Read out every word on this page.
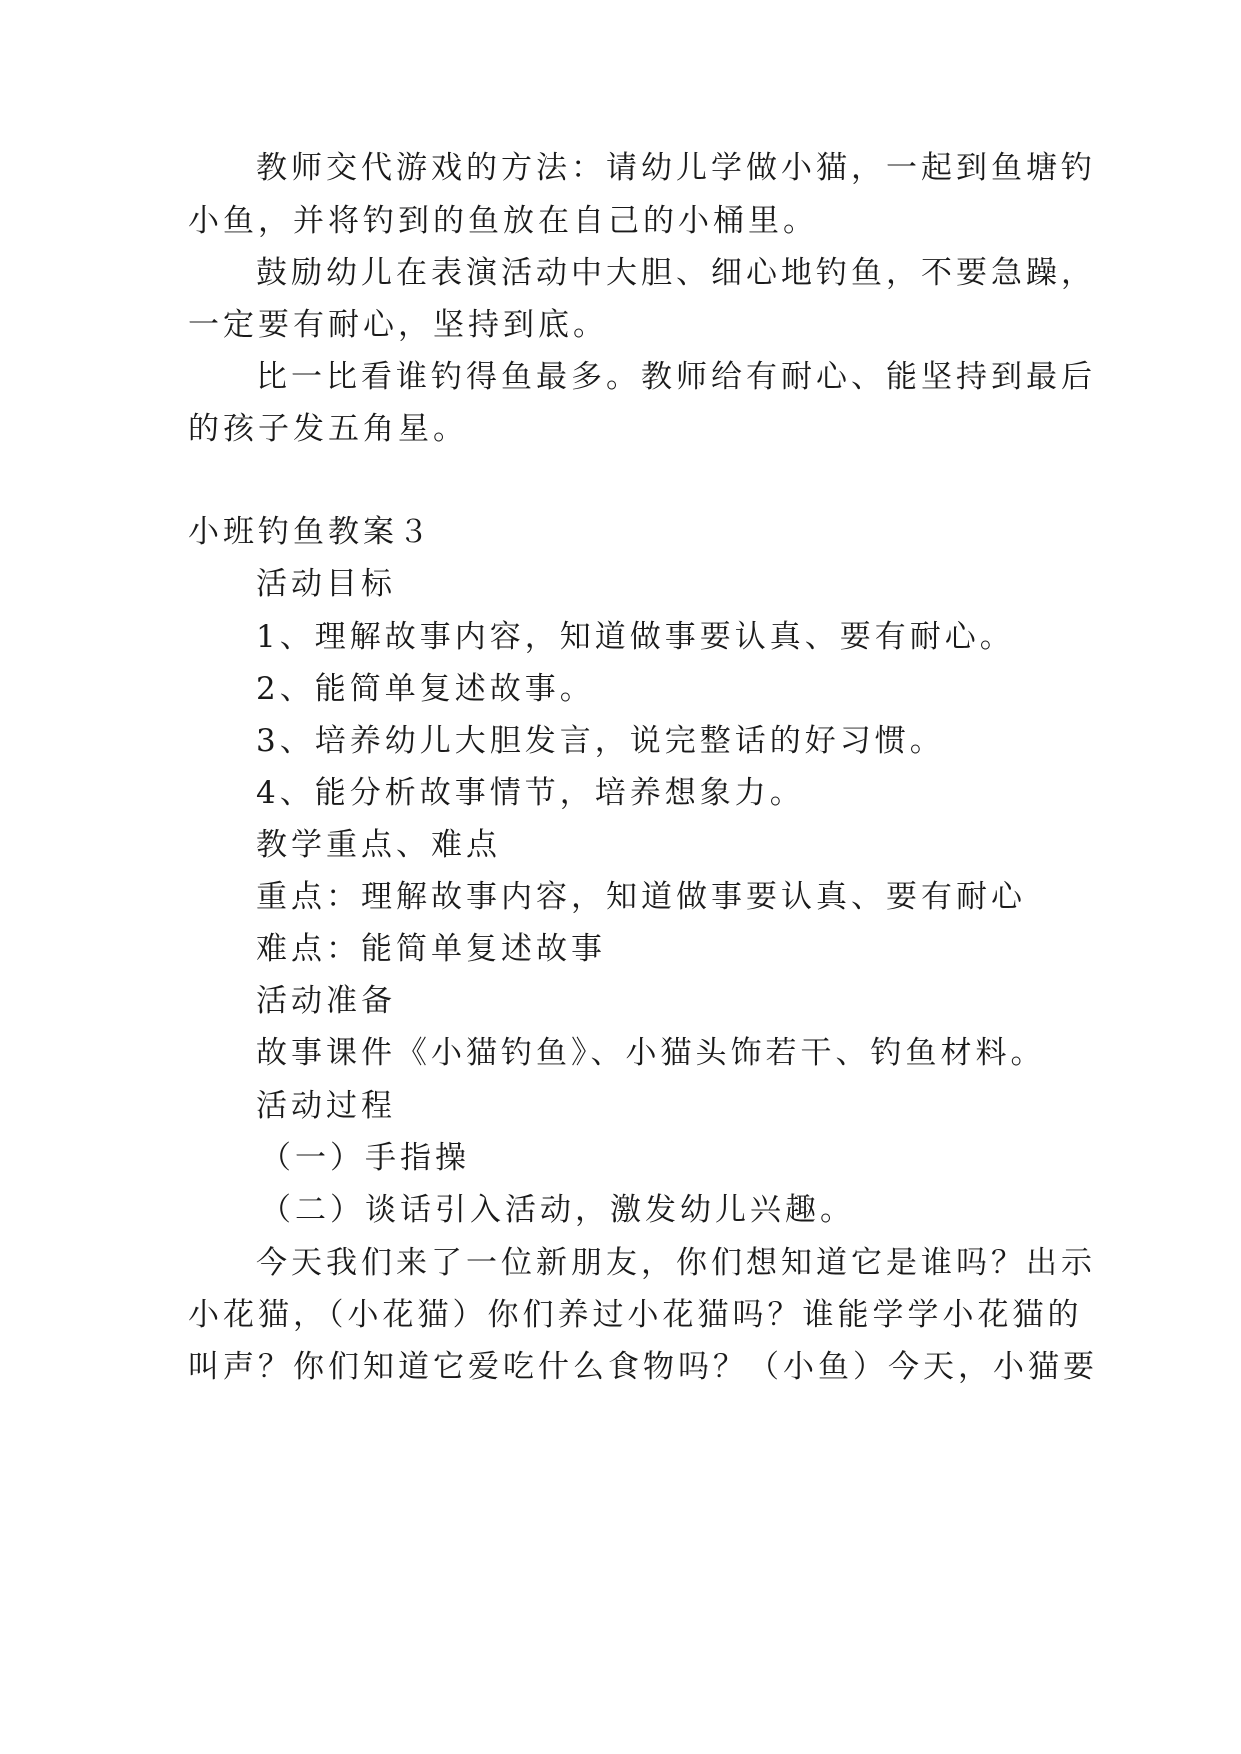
教师交代游戏的方法：请幼儿学做小猫，一起到鱼塘钓
小鱼，并将钓到的鱼放在自己的小桶里。
鼓励幼儿在表演活动中大胆、细心地钓鱼，不要急躁，
一定要有耐心，坚持到底。
比一比看谁钓得鱼最多。教师给有耐心、能坚持到最后
的孩子发五角星。
小班钓鱼教案３
活动目标
1、理解故事内容，知道做事要认真、要有耐心。
2、能简单复述故事。
3、培养幼儿大胆发言，说完整话的好习惯。
4、能分析故事情节，培养想象力。
教学重点、难点
重点：理解故事内容，知道做事要认真、要有耐心
难点：能简单复述故事
活动准备
故事课件《小猫钓鱼》、小猫头饰若干、钓鱼材料。
活动过程
（一）手指操
（二）谈话引入活动，激发幼儿兴趣。
今天我们来了一位新朋友，你们想知道它是谁吗？出示
小花猫，（小花猫）你们养过小花猫吗？谁能学学小花猫的
叫声？你们知道它爱吃什么食物吗？（小鱼）今天，小猫要
